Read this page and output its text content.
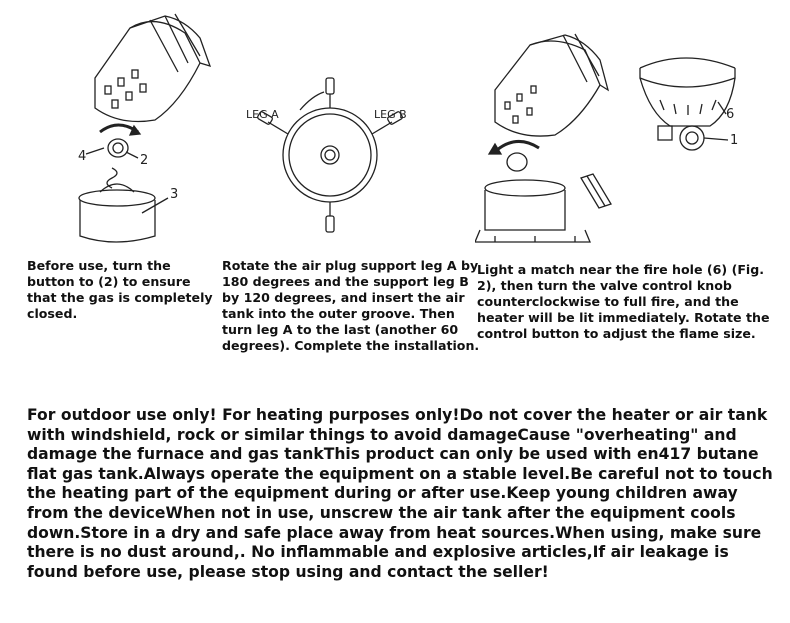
4	2
3
LEG A	LEG B	6
1
Before use, turn the button to (2) to ensure that the gas is completely closed.
Rotate the air plug support leg A by 180 degrees and the support leg B by 120 degrees, and insert the air tank into the outer groove. Then turn leg A to the last (another 60 degrees). Complete the installation.
Light a match near the fire hole (6) (Fig. 2), then turn the valve control knob counterclockwise to full fire, and the heater will be lit immediately. Rotate the control button to adjust the flame size.
For outdoor use only! For heating purposes only!Do not cover the heater or air tank with windshield, rock or similar things to avoid damageCause "overheating" and damage the furnace and gas tankThis product can only be used with en417 butane flat gas tank.Always operate the equipment on a stable level.Be careful not to touch the heating part of the equipment during or after use.Keep young children away from the deviceWhen not in use, unscrew the air tank after the equipment cools down.Store in a dry and safe place away from heat sources.When using, make sure there is no dust around,. No inflammable and explosive articles,If air leakage is found before use, please stop using and contact the seller!
